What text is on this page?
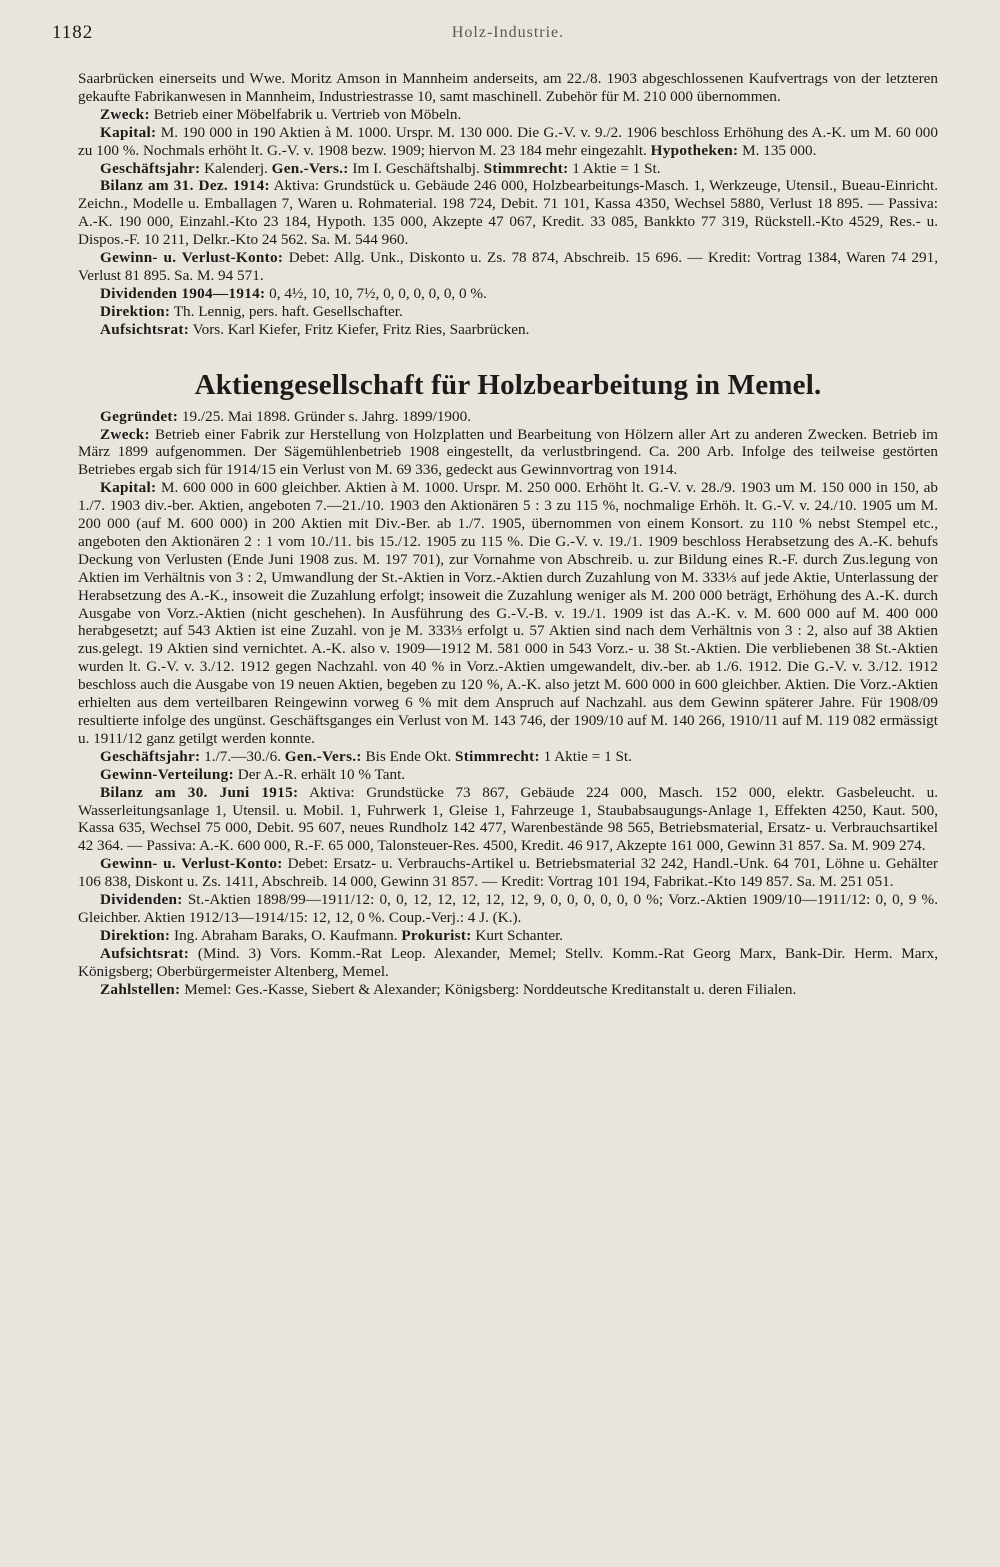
1182	Holz-Industrie.

Saarbrücken einerseits und Wwe. Moritz Amson in Mannheim anderseits, am 22./8. 1903 abgeschlossenen Kaufvertrags von der letzteren gekaufte Fabrikanwesen in Mannheim, Industriestrasse 10, samt maschinell. Zubehör für M. 210 000 übernommen.

Zweck: Betrieb einer Möbelfabrik u. Vertrieb von Möbeln.

Kapital: M. 190 000 in 190 Aktien à M. 1000. Urspr. M. 130 000. Die G.-V. v. 9./2. 1906 beschloss Erhöhung des A.-K. um M. 60 000 zu 100 %. Nochmals erhöht lt. G.-V. v. 1908 bezw. 1909; hiervon M. 23 184 mehr eingezahlt. Hypotheken: M. 135 000.

Geschäftsjahr: Kalenderj. Gen.-Vers.: Im I. Geschäftshalbj. Stimmrecht: 1 Aktie = 1 St.

Bilanz am 31. Dez. 1914: Aktiva: Grundstück u. Gebäude 246 000, Holzbearbeitungs-Masch. 1, Werkzeuge, Utensil., Bueau-Einricht. Zeichn., Modelle u. Emballagen 7, Waren u. Rohmaterial. 198 724, Debit. 71 101, Kassa 4350, Wechsel 5880, Verlust 18 895. — Passiva: A.-K. 190 000, Einzahl.-Kto 23 184, Hypoth. 135 000, Akzepte 47 067, Kredit. 33 085, Bankkto 77 319, Rückstell.-Kto 4529, Res.- u. Dispos.-F. 10 211, Delkr.-Kto 24 562. Sa. M. 544 960.

Gewinn- u. Verlust-Konto: Debet: Allg. Unk., Diskonto u. Zs. 78 874, Abschreib. 15 696. — Kredit: Vortrag 1384, Waren 74 291, Verlust 81 895. Sa. M. 94 571.

Dividenden 1904—1914: 0, 4½, 10, 10, 7½, 0, 0, 0, 0, 0, 0 %.

Direktion: Th. Lennig, pers. haft. Gesellschafter.

Aufsichtsrat: Vors. Karl Kiefer, Fritz Kiefer, Fritz Ries, Saarbrücken.

Aktiengesellschaft für Holzbearbeitung in Memel.

Gegründet: 19./25. Mai 1898. Gründer s. Jahrg. 1899/1900.

Zweck: Betrieb einer Fabrik zur Herstellung von Holzplatten und Bearbeitung von Hölzern aller Art zu anderen Zwecken. Betrieb im März 1899 aufgenommen. Der Sägemühlenbetrieb 1908 eingestellt, da verlustbringend. Ca. 200 Arb. Infolge des teilweise gestörten Betriebes ergab sich für 1914/15 ein Verlust von M. 69 336, gedeckt aus Gewinnvortrag von 1914.

Kapital: M. 600 000 in 600 gleichber. Aktien à M. 1000. Urspr. M. 250 000. Erhöht lt. G.-V. v. 28./9. 1903 um M. 150 000 in 150, ab 1./7. 1903 div.-ber. Aktien, angeboten 7.—21./10. 1903 den Aktionären 5 : 3 zu 115 %, nochmalige Erhöh. lt. G.-V. v. 24./10. 1905 um M. 200 000 (auf M. 600 000) in 200 Aktien mit Div.-Ber. ab 1./7. 1905, übernommen von einem Konsort. zu 110 % nebst Stempel etc., angeboten den Aktionären 2 : 1 vom 10./11. bis 15./12. 1905 zu 115 %. Die G.-V. v. 19./1. 1909 beschloss Herabsetzung des A.-K. behufs Deckung von Verlusten (Ende Juni 1908 zus. M. 197 701), zur Vornahme von Abschreib. u. zur Bildung eines R.-F. durch Zus.legung von Aktien im Verhältnis von 3 : 2, Umwandlung der St.-Aktien in Vorz.-Aktien durch Zuzahlung von M. 333⅓ auf jede Aktie, Unterlassung der Herabsetzung des A.-K., insoweit die Zuzahlung erfolgt; insoweit die Zuzahlung weniger als M. 200 000 beträgt, Erhöhung des A.-K. durch Ausgabe von Vorz.-Aktien (nicht geschehen). In Ausführung des G.-V.-B. v. 19./1. 1909 ist das A.-K. v. M. 600 000 auf M. 400 000 herabgesetzt; auf 543 Aktien ist eine Zuzahl. von je M. 333⅓ erfolgt u. 57 Aktien sind nach dem Verhältnis von 3 : 2, also auf 38 Aktien zus.gelegt. 19 Aktien sind vernichtet. A.-K. also v. 1909—1912 M. 581 000 in 543 Vorz.- u. 38 St.-Aktien. Die verbliebenen 38 St.-Aktien wurden lt. G.-V. v. 3./12. 1912 gegen Nachzahl. von 40 % in Vorz.-Aktien umgewandelt, div.-ber. ab 1./6. 1912. Die G.-V. v. 3./12. 1912 beschloss auch die Ausgabe von 19 neuen Aktien, begeben zu 120 %, A.-K. also jetzt M. 600 000 in 600 gleichber. Aktien. Die Vorz.-Aktien erhielten aus dem verteilbaren Reingewinn vorweg 6 % mit dem Anspruch auf Nachzahl. aus dem Gewinn späterer Jahre. Für 1908/09 resultierte infolge des ungünst. Geschäftsganges ein Verlust von M. 143 746, der 1909/10 auf M. 140 266, 1910/11 auf M. 119 082 ermässigt u. 1911/12 ganz getilgt werden konnte.

Geschäftsjahr: 1./7.—30./6. Gen.-Vers.: Bis Ende Okt. Stimmrecht: 1 Aktie = 1 St.

Gewinn-Verteilung: Der A.-R. erhält 10 % Tant.

Bilanz am 30. Juni 1915: Aktiva: Grundstücke 73 867, Gebäude 224 000, Masch. 152 000, elektr. Gasbeleucht. u. Wasserleitungsanlage 1, Utensil. u. Mobil. 1, Fuhrwerk 1, Gleise 1, Fahrzeuge 1, Staubabsaugungs-Anlage 1, Effekten 4250, Kaut. 500, Kassa 635, Wechsel 75 000, Debit. 95 607, neues Rundholz 142 477, Warenbestände 98 565, Betriebsmaterial, Ersatz- u. Verbrauchsartikel 42 364. — Passiva: A.-K. 600 000, R.-F. 65 000, Talonsteuer-Res. 4500, Kredit. 46 917, Akzepte 161 000, Gewinn 31 857. Sa. M. 909 274.

Gewinn- u. Verlust-Konto: Debet: Ersatz- u. Verbrauchs-Artikel u. Betriebsmaterial 32 242, Handl.-Unk. 64 701, Löhne u. Gehälter 106 838, Diskont u. Zs. 1411, Abschreib. 14 000, Gewinn 31 857. — Kredit: Vortrag 101 194, Fabrikat.-Kto 149 857. Sa. M. 251 051.

Dividenden: St.-Aktien 1898/99—1911/12: 0, 0, 12, 12, 12, 12, 12, 9, 0, 0, 0, 0, 0, 0 %; Vorz.-Aktien 1909/10—1911/12: 0, 0, 9 %. Gleichber. Aktien 1912/13—1914/15: 12, 12, 0 %. Coup.-Verj.: 4 J. (K.).

Direktion: Ing. Abraham Baraks, O. Kaufmann. Prokurist: Kurt Schanter.

Aufsichtsrat: (Mind. 3) Vors. Komm.-Rat Leop. Alexander, Memel; Stellv. Komm.-Rat Georg Marx, Bank-Dir. Herm. Marx, Königsberg; Oberbürgermeister Altenberg, Memel.

Zahlstellen: Memel: Ges.-Kasse, Siebert & Alexander; Königsberg: Norddeutsche Kreditanstalt u. deren Filialen.
